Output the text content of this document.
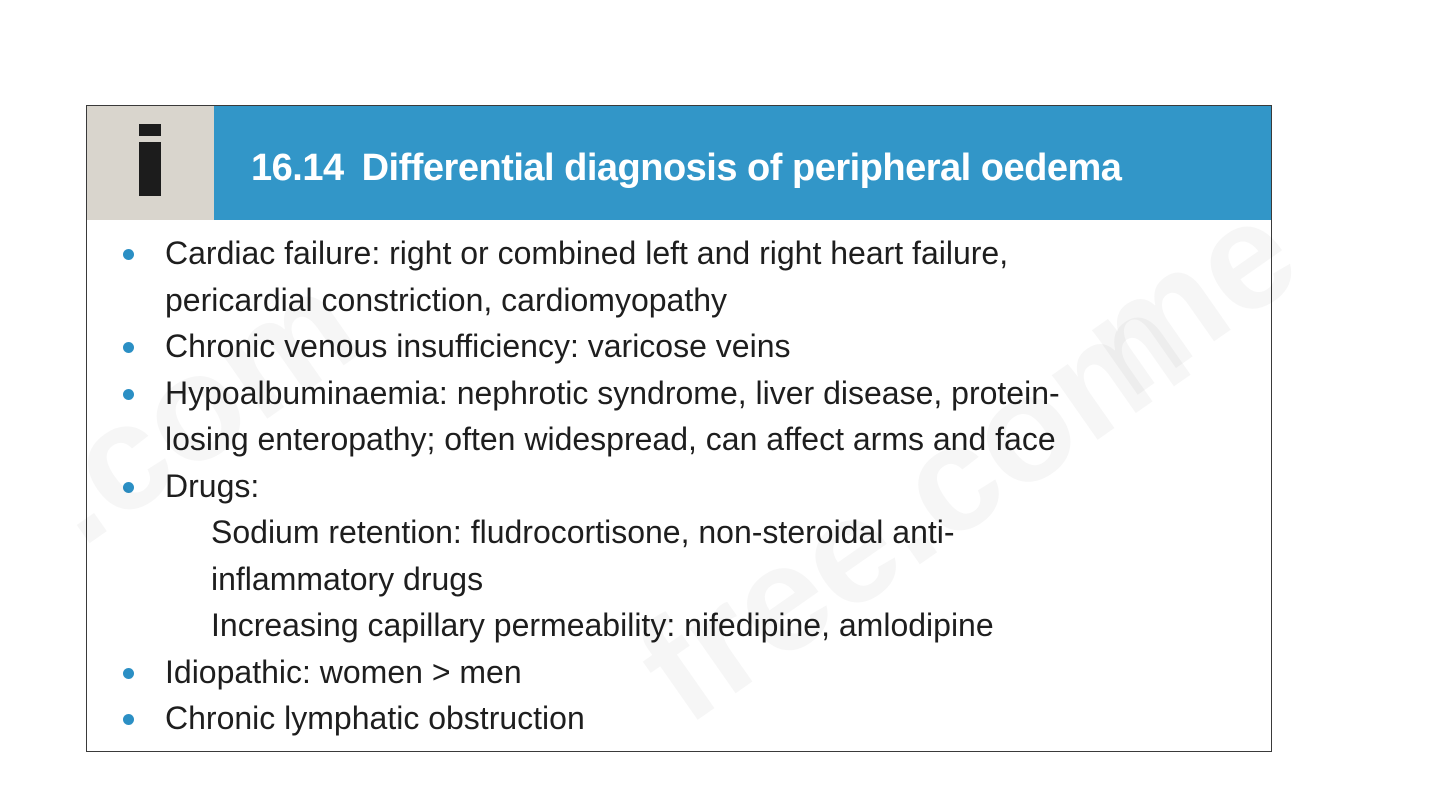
16.14 Differential diagnosis of peripheral oedema
Cardiac failure: right or combined left and right heart failure,
pericardial constriction, cardiomyopathy
Chronic venous insufficiency: varicose veins
Hypoalbuminaemia: nephrotic syndrome, liver disease, protein-
losing enteropathy; often widespread, can affect arms and face
Drugs:
Sodium retention: fludrocortisone, non-steroidal anti-
inflammatory drugs
Increasing capillary permeability: nifedipine, amlodipine
Idiopathic: women > men
Chronic lymphatic obstruction
